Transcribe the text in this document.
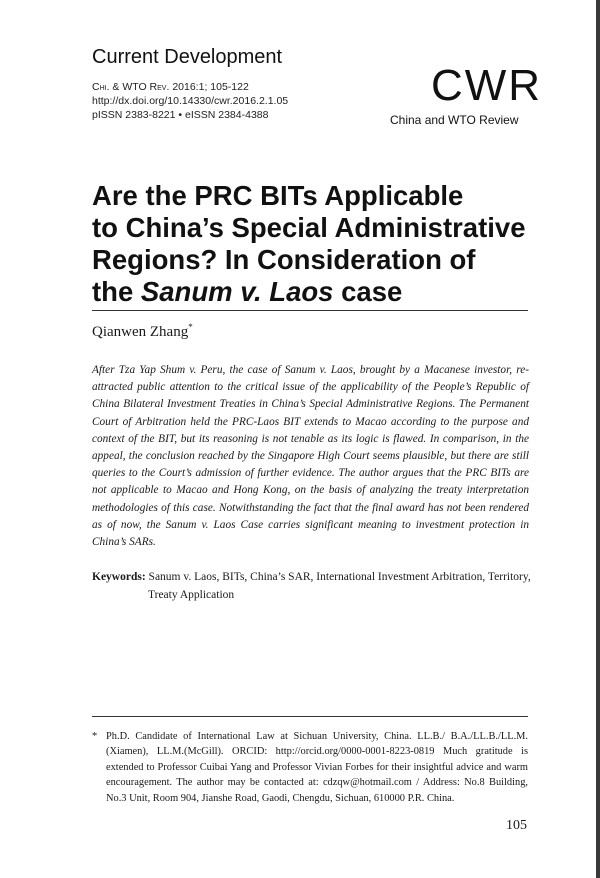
Current Development
Chi. & WTO Rev. 2016:1; 105-122
http://dx.doi.org/10.14330/cwr.2016.2.1.05
pISSN 2383-8221 • eISSN 2384-4388
CWR
China and WTO Review
Are the PRC BITs Applicable
to China’s Special Administrative
Regions? In Consideration of
the Sanum v. Laos case
Qianwen Zhang*
After Tza Yap Shum v. Peru, the case of Sanum v. Laos, brought by a Macanese investor, re-attracted public attention to the critical issue of the applicability of the People’s Republic of China Bilateral Investment Treaties in China’s Special Administrative Regions. The Permanent Court of Arbitration held the PRC-Laos BIT extends to Macao according to the purpose and context of the BIT, but its reasoning is not tenable as its logic is flawed. In comparison, in the appeal, the conclusion reached by the Singapore High Court seems plausible, but there are still queries to the Court’s admission of further evidence. The author argues that the PRC BITs are not applicable to Macao and Hong Kong, on the basis of analyzing the treaty interpretation methodologies of this case. Notwithstanding the fact that the final award has not been rendered as of now, the Sanum v. Laos Case carries significant meaning to investment protection in China’s SARs.
Keywords: Sanum v. Laos, BITs, China’s SAR, International Investment Arbitration, Territory,
Treaty Application
* Ph.D. Candidate of International Law at Sichuan University, China. LL.B./ B.A./LL.B./LL.M. (Xiamen), LL.M.(McGill). ORCID: http://orcid.org/0000-0001-8223-0819 Much gratitude is extended to Professor Cuibai Yang and Professor Vivian Forbes for their insightful advice and warm encouragement. The author may be contacted at: cdzqw@hotmail.com / Address: No.8 Building, No.3 Unit, Room 904, Jianshe Road, Gaodi, Chengdu, Sichuan, 610000 P.R. China.
105
